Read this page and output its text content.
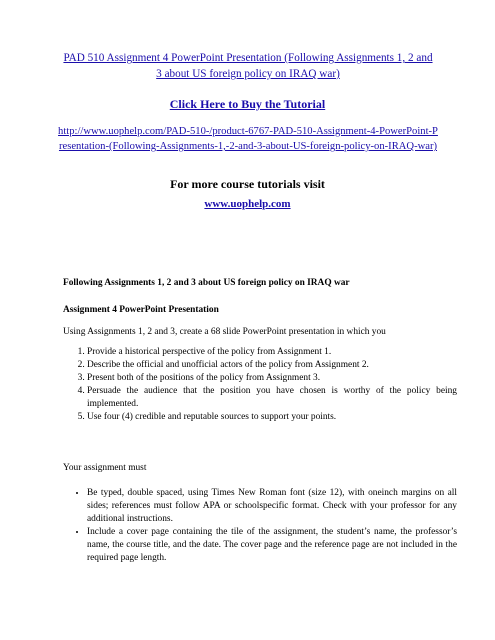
PAD 510 Assignment 4 PowerPoint Presentation (Following Assignments 1, 2 and 3 about US foreign policy on IRAQ war)
Click Here to Buy the Tutorial
http://www.uophelp.com/PAD-510-/product-6767-PAD-510-Assignment-4-PowerPoint-Presentation-(Following-Assignments-1,-2-and-3-about-US-foreign-policy-on-IRAQ-war)
For more course tutorials visit
www.uophelp.com
Following Assignments 1, 2 and 3 about US foreign policy on IRAQ war
Assignment 4 PowerPoint Presentation
Using Assignments 1, 2 and 3, create a 68 slide PowerPoint presentation in which you
1. Provide a historical perspective of the policy from Assignment 1.
2. Describe the official and unofficial actors of the policy from Assignment 2.
3. Present both of the positions of the policy from Assignment 3.
4. Persuade the audience that the position you have chosen is worthy of the policy being implemented.
5. Use four (4) credible and reputable sources to support your points.
Your assignment must
• Be typed, double spaced, using Times New Roman font (size 12), with oneinch margins on all sides; references must follow APA or schoolspecific format. Check with your professor for any additional instructions.
• Include a cover page containing the tile of the assignment, the student’s name, the professor’s name, the course title, and the date. The cover page and the reference page are not included in the required page length.
